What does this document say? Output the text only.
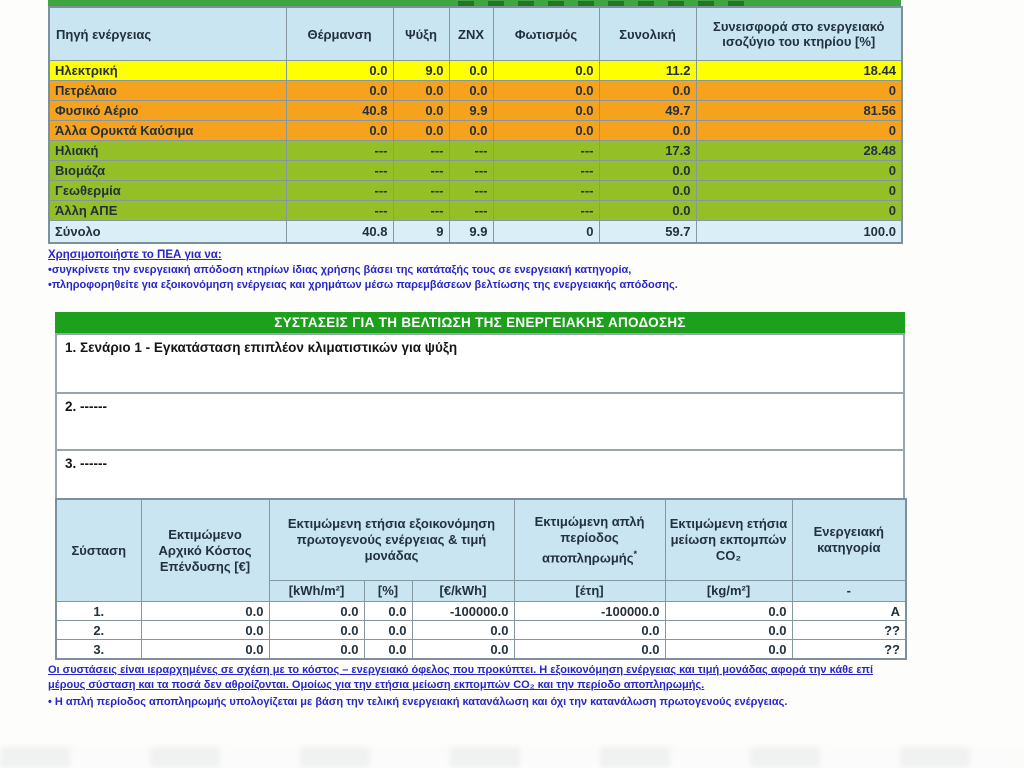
Πηγή ενέργειας	Θέρμανση	Ψύξη	ΖΝΧ	Φωτισμός	Συνολική	Συνεισφορά στο ενεργειακό ισοζύγιο του κτηρίου [%]
Ηλεκτρική	0.0	9.0	0.0	0.0	11.2	18.44
Πετρέλαιο	0.0	0.0	0.0	0.0	0.0	0
Φυσικό Αέριο	40.8	0.0	9.9	0.0	49.7	81.56
Άλλα Ορυκτά Καύσιμα	0.0	0.0	0.0	0.0	0.0	0
Ηλιακή	---	---	---	---	17.3	28.48
Βιομάζα	---	---	---	---	0.0	0
Γεωθερμία	---	---	---	---	0.0	0
Άλλη ΑΠΕ	---	---	---	---	0.0	0
Σύνολο	40.8	9	9.9	0	59.7	100.0
Χρησιμοποιήστε το ΠΕΑ για να:
•συγκρίνετε την ενεργειακή απόδοση κτηρίων ίδιας χρήσης βάσει της κατάταξής τους σε ενεργειακή κατηγορία,
•πληροφορηθείτε για εξοικονόμηση ενέργειας και χρημάτων μέσω παρεμβάσεων βελτίωσης της ενεργειακής απόδοσης.
ΣΥΣΤΑΣΕΙΣ ΓΙΑ ΤΗ ΒΕΛΤΙΩΣΗ ΤΗΣ ΕΝΕΡΓΕΙΑΚΗΣ ΑΠΟΔΟΣΗΣ
1. Σενάριο 1 - Εγκατάσταση επιπλέον κλιματιστικών για ψύξη
2. ------
3. ------
Σύσταση	Εκτιμώμενο Αρχικό Κόστος Επένδυσης [€]	Εκτιμώμενη ετήσια εξοικονόμηση πρωτογενούς ενέργειας & τιμή μονάδας			Εκτιμώμενη απλή περίοδος αποπληρωμής*	Εκτιμώμενη ετήσια μείωση εκπομπών CO₂	Ενεργειακή κατηγορία
		[kWh/m²]	[%]	[€/kWh]	[έτη]	[kg/m²]	-
1.	0.0	0.0	0.0	-100000.0	-100000.0	0.0	A
2.	0.0	0.0	0.0	0.0	0.0	0.0	??
3.	0.0	0.0	0.0	0.0	0.0	0.0	??
Οι συστάσεις είναι ιεραρχημένες σε σχέση με το κόστος – ενεργειακό όφελος που προκύπτει. Η εξοικονόμηση ενέργειας και τιμή μονάδας αφορά την κάθε επί μέρους σύσταση και τα ποσά δεν αθροίζονται. Ομοίως για την ετήσια μείωση εκπομπών CO₂ και την περίοδο αποπληρωμής.
• Η απλή περίοδος αποπληρωμής υπολογίζεται με βάση την τελική ενεργειακή κατανάλωση και όχι την κατανάλωση πρωτογενούς ενέργειας.
